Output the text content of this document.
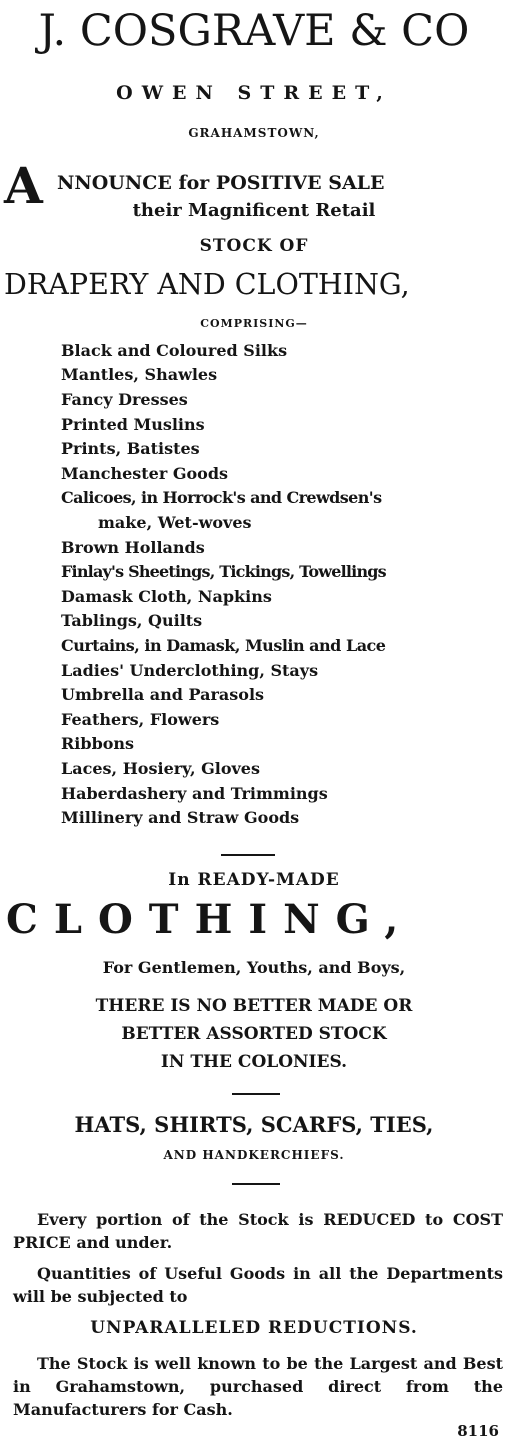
J. COSGRAVE & CO
OWEN STREET,
GRAHAMSTOWN,
A NNOUNCE for POSITIVE SALE
their Magnificent Retail
STOCK OF
DRAPERY AND CLOTHING,
COMPRISING—
Black and Coloured Silks
Mantles, Shawles
Fancy Dresses
Printed Muslins
Prints, Batistes
Manchester Goods
Calicoes, in Horrock's and Crewdsen's
make, Wet-woves
Brown Hollands
Finlay's Sheetings, Tickings, Towellings
Damask Cloth, Napkins
Tablings, Quilts
Curtains, in Damask, Muslin and Lace
Ladies' Underclothing, Stays
Umbrella and Parasols
Feathers, Flowers
Ribbons
Laces, Hosiery, Gloves
Haberdashery and Trimmings
Millinery and Straw Goods
In READY-MADE
CLOTHING,
For Gentlemen, Youths, and Boys,
THERE IS NO BETTER MADE OR
BETTER ASSORTED STOCK
IN THE COLONIES.
HATS, SHIRTS, SCARFS, TIES,
AND HANDKERCHIEFS.
Every portion of the Stock is REDUCED to COST PRICE and under.
Quantities of Useful Goods in all the Departments will be subjected to
UNPARALLELED REDUCTIONS.
The Stock is well known to be the Largest and Best in Grahamstown, purchased direct from the Manufacturers for Cash.
8116
